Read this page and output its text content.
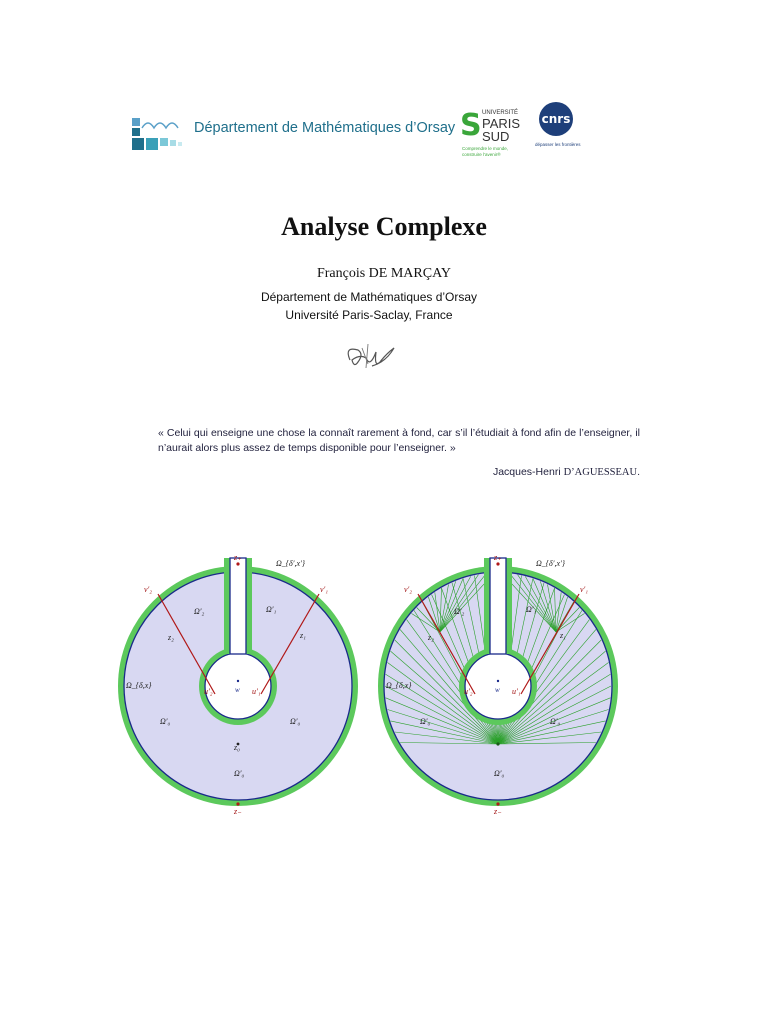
Département de Mathématiques d’Orsay S UNIVERSITÉ
PARIS
SUD
Comprendre le monde,
construire l’avenir®
cnrs
dépasser les frontières
Analyse Complexe
François DE MARÇAY
Département de Mathématiques d’Orsay
Université Paris-Saclay, France
« Celui qui enseigne une chose la connaît rarement à fond, car s’il l’étudiait à fond afin de l’enseigner, il n’aurait alors plus assez de temps disponible pour l’enseigner. »
Jacques-Henri D’AGUESSEAU.
z₊
z₋
w
z₀
z₂	z₁
v′₂	v′₁
u′₂	u′₁
Ω′₂	Ω′₁
Ω′₀	Ω′₀
Ω′₀
Ω_{δ,x}
Ω_{δ′,x′}
z₊
z₋
w
z₂	z₁
v′₂	v′₁
u′₂	u′₁
Ω′₂	Ω′₁
Ω′₀	Ω′₀
Ω′₀
Ω_{δ,x}
Ω_{δ′,x′}
